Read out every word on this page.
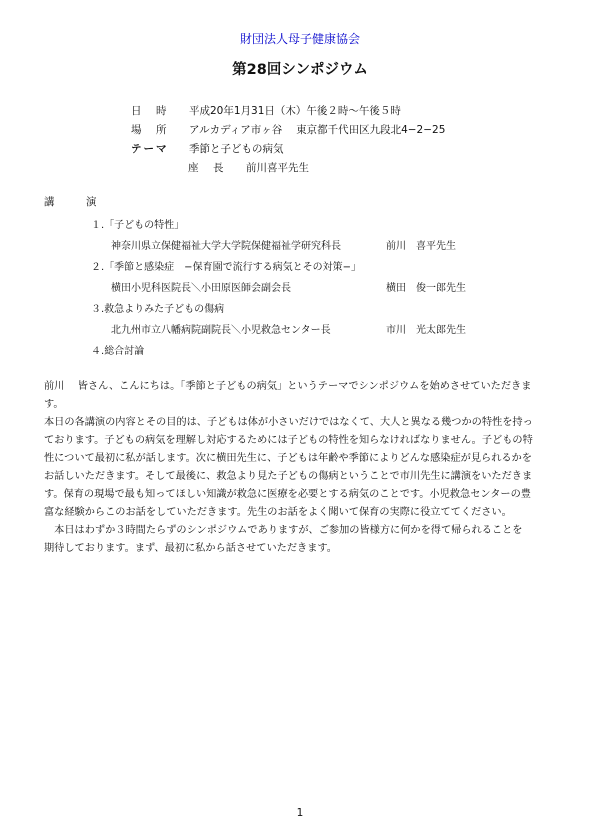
財団法人母子健康協会
第28回シンポジウム
日　時 平成20年1月31日（木）午後２時〜午後５時
場　所 アルカディア市ヶ谷　 東京都千代田区九段北4−2−25
テーマ 季節と子どもの病気
座　長 前川喜平先生
講　　　演
１.「子どもの特性」
神奈川県立保健福祉大学大学院保健福祉学研究科長	前川　喜平先生
２.「季節と感染症　−保育園で流行する病気とその対策−」
横田小児科医院長＼小田原医師会副会長	横田　俊一郎先生
３.救急よりみた子どもの傷病
北九州市立八幡病院副院長＼小児救急センター長	市川　光太郎先生
４.総合討論
前川　 皆さん、こんにちは。「季節と子どもの病気」というテーマでシンポジウムを始めさせていただきま
す。
本日の各講演の内容とその目的は、子どもは体が小さいだけではなくて、大人と異なる幾つかの特性を持っ
ております。子どもの病気を理解し対応するためには子どもの特性を知らなければなりません。子どもの特
性について最初に私が話します。次に横田先生に、子どもは年齢や季節によりどんな感染症が見られるかを
お話しいただきます。そして最後に、救急より見た子どもの傷病ということで市川先生に講演をいただきま
す。保育の現場で最も知ってほしい知識が救急に医療を必要とする病気のことです。小児救急センターの豊
富な経験からこのお話をしていただきます。先生のお話をよく聞いて保育の実際に役立ててください。
　本日はわずか３時間たらずのシンポジウムでありますが、ご参加の皆様方に何かを得て帰られることを
期待しております。まず、最初に私から話させていただきます。
1
